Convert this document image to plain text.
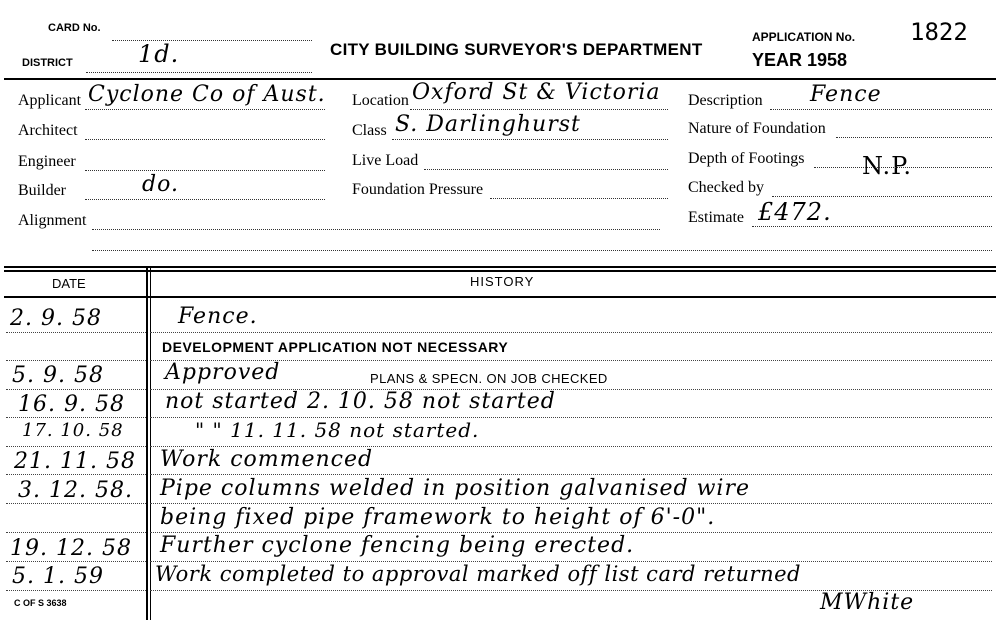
CARD No.
DISTRICT	1d.	CITY BUILDING SURVEYOR'S DEPARTMENT
APPLICATION No. 1822
YEAR 1958
Applicant Cyclone Co of Aust.
Architect
Engineer
Builder	do.
Alignment
Location Oxford St & Victoria
Class S. Darlinghurst
Live Load
Foundation Pressure
Description Fence
Nature of Foundation
Depth of Footings N.P.
Checked by
Estimate £472.
DATE	HISTORY
2. 9. 58	Fence.
DEVELOPMENT APPLICATION NOT NECESSARY
5. 9. 58	Approved	PLANS & SPECN. ON JOB CHECKED
16. 9. 58 not started 2. 10. 58 not started
17. 10. 58	" " 11. 11. 58 not started.
21. 11. 58 Work commenced
3. 12. 58. Pipe columns welded in position galvanised wire
being fixed pipe framework to height of 6'-0".
19. 12. 58 Further cyclone fencing being erected.
5. 1. 59 Work completed to approval marked off list card returned
MWhite
C OF S 3638
